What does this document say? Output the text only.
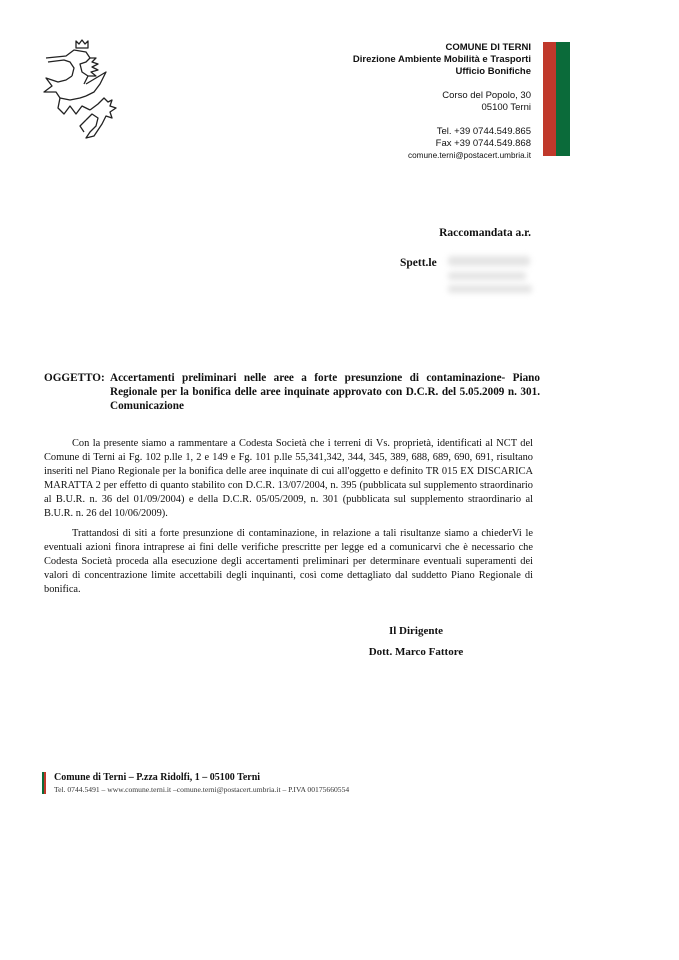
COMUNE DI TERNI
Direzione Ambiente Mobilità e Trasporti
Ufficio Bonifiche
Corso del Popolo, 30
05100 Terni
Tel. +39 0744.549.865
Fax +39 0744.549.868
comune.terni@postacert.umbria.it
Raccomandata a.r.
Spett.le
OGGETTO: Accertamenti preliminari nelle aree a forte presunzione di contaminazione- Piano Regionale per la bonifica delle aree inquinate approvato con D.C.R. del 5.05.2009 n. 301. Comunicazione
Con la presente siamo a rammentare a Codesta Società che i terreni di Vs. proprietà, identificati al NCT del Comune di Terni ai Fg. 102 p.lle 1, 2 e 149 e Fg. 101 p.lle 55,341,342, 344, 345, 389, 688, 689, 690, 691, risultano inseriti nel Piano Regionale per la bonifica delle aree inquinate di cui all'oggetto e definito TR 015 EX DISCARICA MARATTA 2 per effetto di quanto stabilito con D.C.R. 13/07/2004, n. 395 (pubblicata sul supplemento straordinario al B.U.R. n. 36 del 01/09/2004) e della D.C.R. 05/05/2009, n. 301 (pubblicata sul supplemento straordinario al B.U.R. n. 26 del 10/06/2009).
Trattandosi di siti a forte presunzione di contaminazione, in relazione a tali risultanze siamo a chiederVi le eventuali azioni finora intraprese ai fini delle verifiche prescritte per legge ed a comunicarvi che è necessario che Codesta Società proceda alla esecuzione degli accertamenti preliminari per determinare eventuali superamenti dei valori di concentrazione limite accettabili degli inquinanti, così come dettagliato dal suddetto Piano Regionale di bonifica.
Il Dirigente
Dott. Marco Fattore
Comune di Terni – P.zza Ridolfi, 1 – 05100 Terni
Tel. 0744.5491 – www.comune.terni.it –comune.terni@postacert.umbria.it – P.IVA 00175660554
